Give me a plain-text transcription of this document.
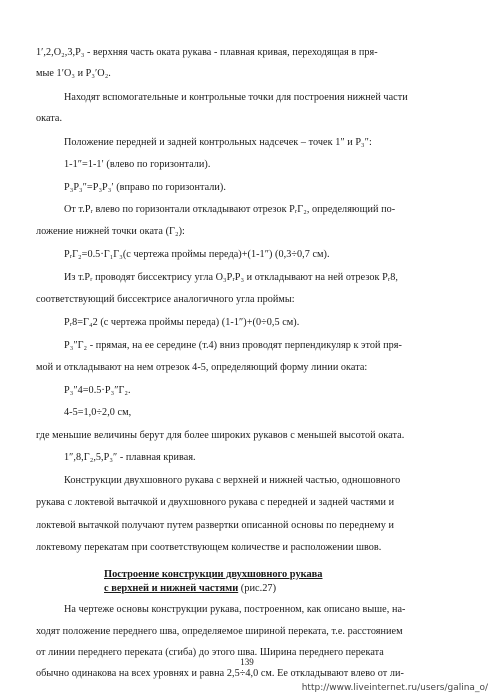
1′,2,O₂,3,P₃ - верхняя часть оката рукава - плавная кривая, переходящая в пря-
мые 1′O₃ и P₃′O₂.
Находят вспомогательные и контрольные точки для построения нижней части
оката.
Положение передней и задней контрольных надсечек – точек 1″ и P₃″:
1-1″=1-1′ (влево по горизонтали).
P₃P₃″=P₃P₃′ (вправо по горизонтали).
От т.Pᵣ влево по горизонтали откладывают отрезок PᵣГ₂, определяющий по-
ложение нижней точки оката (Г₂):
PᵣГ₂=0.5·Г₁Г₃(с чертежа проймы переда)+(1-1″) (0,3÷0,7 см).
Из т.Pᵣ проводят биссектрису угла O₃PᵣP₃ и откладывают на ней отрезок Pᵣ8,
соответствующий биссектрисе аналогичного угла проймы:
Pᵣ8=Г₄2 (с чертежа проймы переда) (1-1″)+(0÷0,5 см).
P₃″Г₂ - прямая, на ее середине (т.4) вниз проводят перпендикуляр к этой пря-
мой и откладывают на нем отрезок 4-5, определяющий форму линии оката:
P₃″4=0.5·P₃″Г₂.
4-5=1,0÷2,0 см,
где меньшие величины берут для более широких рукавов с меньшей высотой оката.
1″,8,Г₂,5,P₃″ - плавная кривая.
Конструкции двухшовного рукава с верхней и нижней частью, одношовного
рукава с локтевой вытачкой и двухшовного рукава с передней и задней частями и
локтевой вытачкой получают путем развертки описанной основы по переднему и
локтевому перекатам при соответствующем количестве и расположении швов.
Построение конструкции двухшовного рукава
с верхней и нижней частями (рис.27)
На чертеже основы конструкции рукава, построенном, как описано выше, на-
ходят положение переднего шва, определяемое шириной переката, т.е. расстоянием
от линии переднего переката (сгиба) до этого шва. Ширина переднего переката
обычно одинакова на всех уровнях и равна 2,5÷4,0 см. Ее откладывают влево от ли-
139
http://www.liveinternet.ru/users/galina_o/
